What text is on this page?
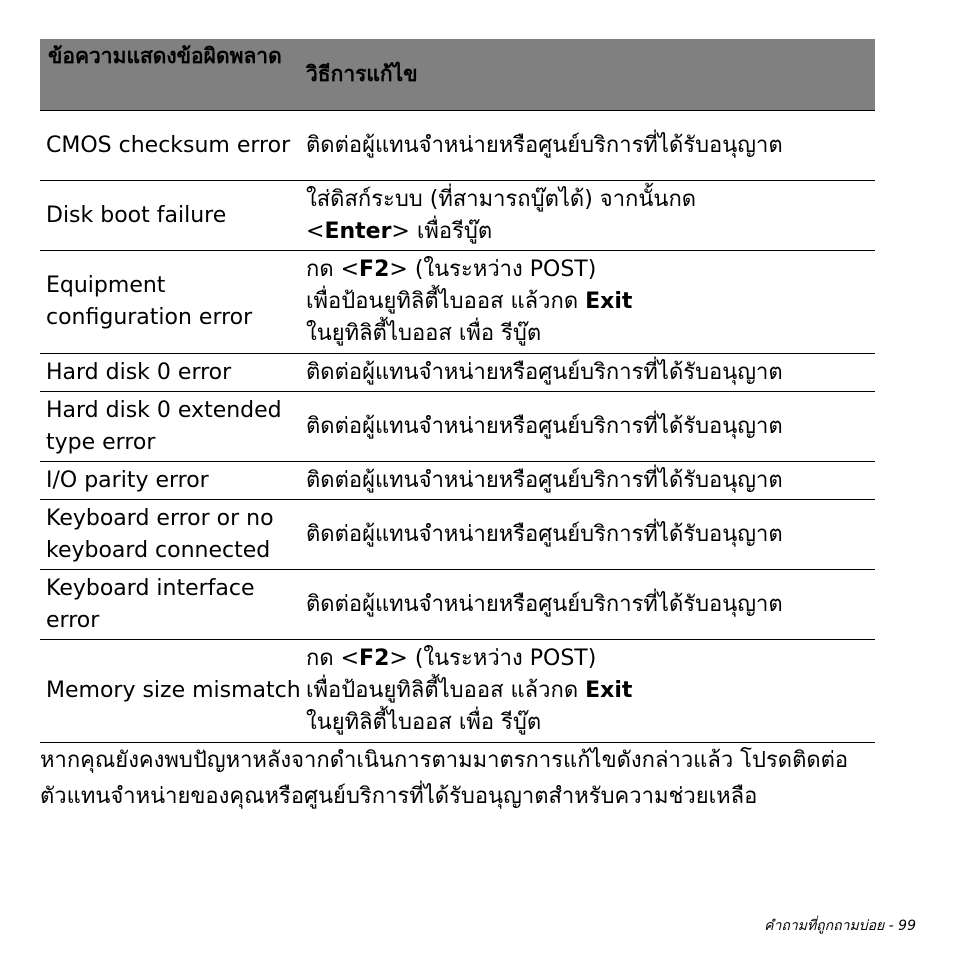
ข้อความแสดงข้อผิดพลาด
วิธีการแก้ไข
CMOS checksum error ติดต่อผู้แทนจำหน่ายหรือศูนย์บริการที่ได้รับอนุญาต
Disk boot failure
ใส่ดิสก์ระบบ (ที่สามารถบู๊ตได้) จากนั้นกด
<Enter> เพื่อรีบู๊ต
Equipment configuration error
กด <F2> (ในระหว่าง POST)
เพื่อป้อนยูทิลิตี้ไบออส แล้วกด Exit
ในยูทิลิตี้ไบออส เพื่อ รีบู๊ต
Hard disk 0 error	ติดต่อผู้แทนจำหน่ายหรือศูนย์บริการที่ได้รับอนุญาต
Hard disk 0 extended type error
ติดต่อผู้แทนจำหน่ายหรือศูนย์บริการที่ได้รับอนุญาต
I/O parity error	ติดต่อผู้แทนจำหน่ายหรือศูนย์บริการที่ได้รับอนุญาต
Keyboard error or no keyboard connected
ติดต่อผู้แทนจำหน่ายหรือศูนย์บริการที่ได้รับอนุญาต
Keyboard interface error
ติดต่อผู้แทนจำหน่ายหรือศูนย์บริการที่ได้รับอนุญาต
Memory size mismatch
กด <F2> (ในระหว่าง POST)
เพื่อป้อนยูทิลิตี้ไบออส แล้วกด Exit
ในยูทิลิตี้ไบออส เพื่อ รีบู๊ต
หากคุณยังคงพบปัญหาหลังจากดำเนินการตามมาตรการแก้ไขดังกล่าวแล้ว โปรดติดต่อตัวแทนจำหน่ายของคุณหรือศูนย์บริการที่ได้รับอนุญาตสำหรับความช่วยเหลือ
คำถามที่ถูกถามบ่อย - 99
